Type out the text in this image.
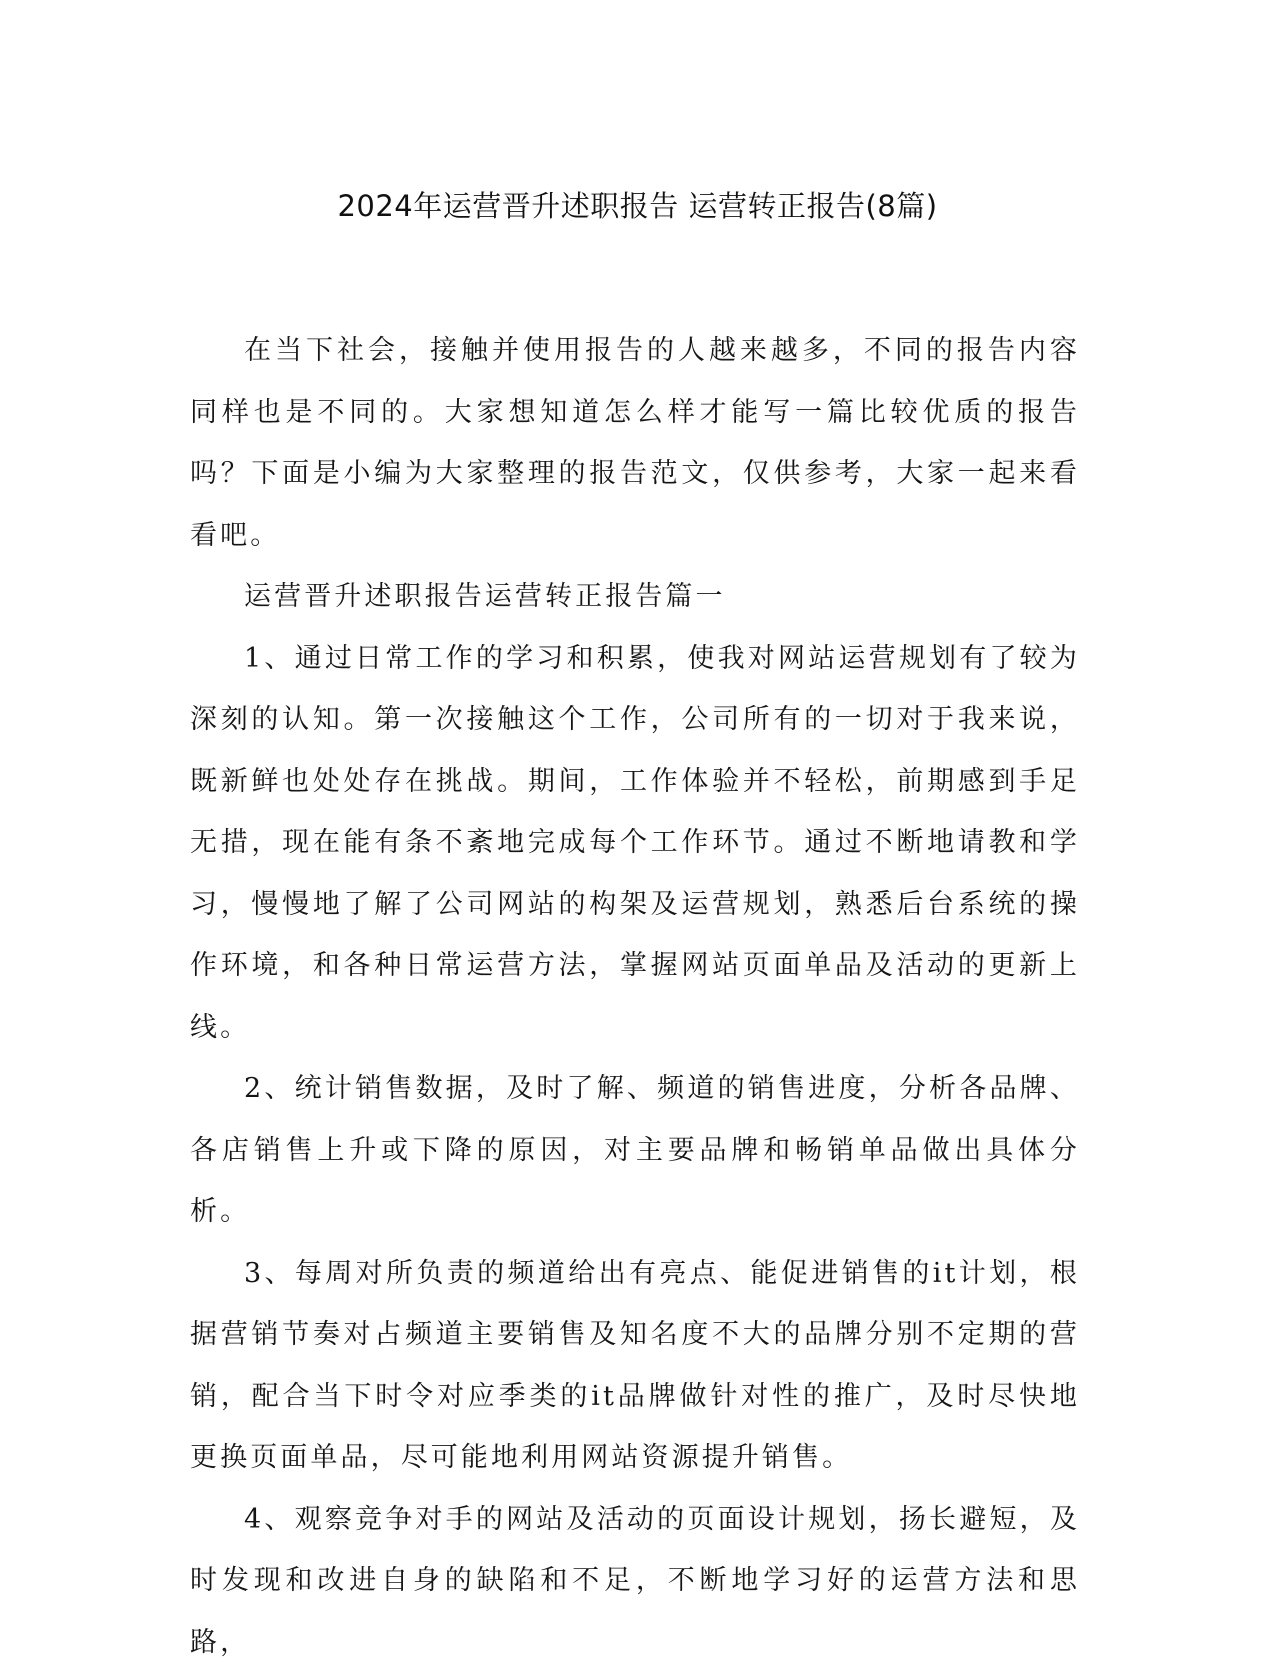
2024年运营晋升述职报告 运营转正报告(8篇)

在当下社会，接触并使用报告的人越来越多，不同的报告内容同样也是不同的。大家想知道怎么样才能写一篇比较优质的报告吗？下面是小编为大家整理的报告范文，仅供参考，大家一起来看看吧。

运营晋升述职报告运营转正报告篇一

1、通过日常工作的学习和积累，使我对网站运营规划有了较为深刻的认知。第一次接触这个工作，公司所有的一切对于我来说，既新鲜也处处存在挑战。期间，工作体验并不轻松，前期感到手足无措，现在能有条不紊地完成每个工作环节。通过不断地请教和学习，慢慢地了解了公司网站的构架及运营规划，熟悉后台系统的操作环境，和各种日常运营方法，掌握网站页面单品及活动的更新上线。

2、统计销售数据，及时了解、频道的销售进度，分析各品牌、各店销售上升或下降的原因，对主要品牌和畅销单品做出具体分析。

3、每周对所负责的频道给出有亮点、能促进销售的it计划，根据营销节奏对占频道主要销售及知名度不大的品牌分别不定期的营销，配合当下时令对应季类的it品牌做针对性的推广，及时尽快地更换页面单品，尽可能地利用网站资源提升销售。

4、观察竞争对手的网站及活动的页面设计规划，扬长避短，及时发现和改进自身的缺陷和不足，不断地学习好的运营方法和思路，
